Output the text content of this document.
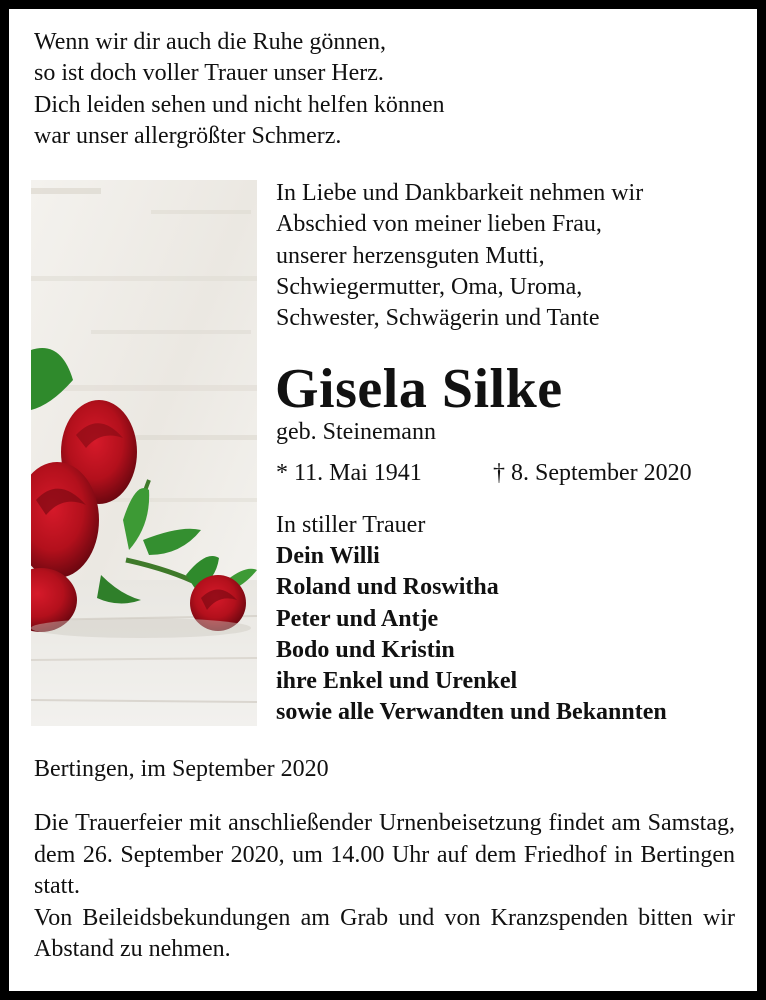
Wenn wir dir auch die Ruhe gönnen,
so ist doch voller Trauer unser Herz.
Dich leiden sehen und nicht helfen können
war unser allergrößter Schmerz.
In Liebe und Dankbarkeit nehmen wir
Abschied von meiner lieben Frau,
unserer herzensguten Mutti,
Schwiegermutter, Oma, Uroma,
Schwester, Schwägerin und Tante
Gisela Silke
geb. Steinemann
* 11. Mai 1941	† 8. September 2020
In stiller Trauer
Dein Willi
Roland und Roswitha
Peter und Antje
Bodo und Kristin
ihre Enkel und Urenkel
sowie alle Verwandten und Bekannten
Bertingen, im September 2020

Die Trauerfeier mit anschließender Urnenbeisetzung findet am Samstag, dem 26. September 2020, um 14.00 Uhr auf dem Friedhof in Bertingen statt.

Von Beileidsbekundungen am Grab und von Kranzspenden bitten wir Abstand zu nehmen.
